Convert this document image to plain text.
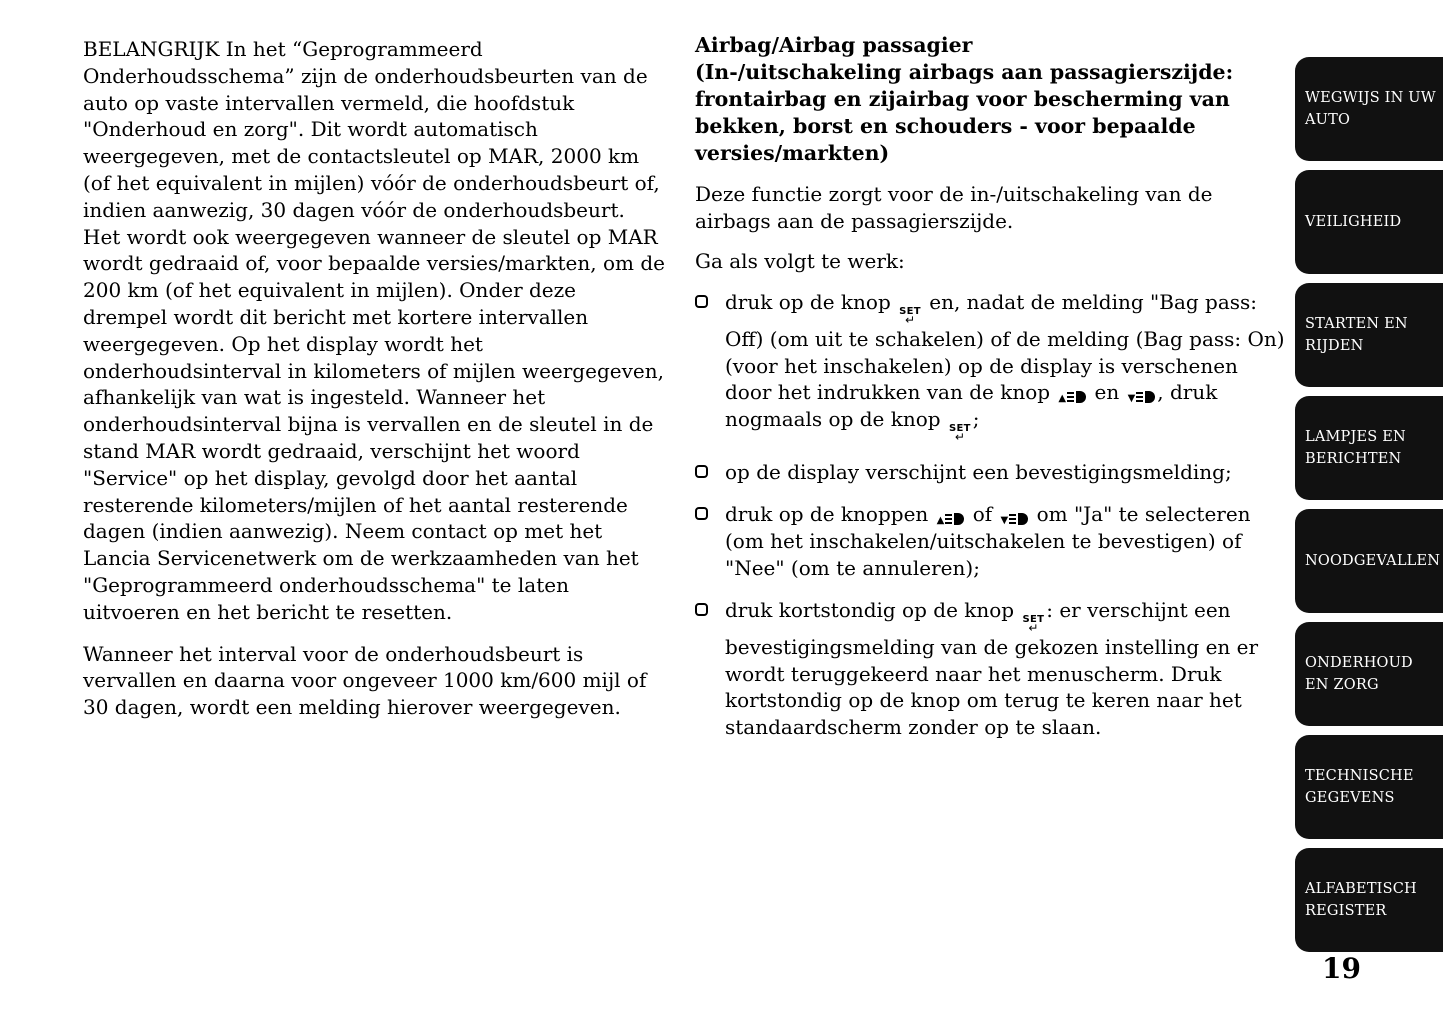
BELANGRIJK In het “Geprogrammeerd Onderhoudsschema” zijn de onderhoudsbeurten van de auto op vaste intervallen vermeld, die hoofdstuk "Onderhoud en zorg". Dit wordt automatisch weergegeven, met de contactsleutel op MAR, 2000 km (of het equivalent in mijlen) vóór de onderhoudsbeurt of, indien aanwezig, 30 dagen vóór de onderhoudsbeurt. Het wordt ook weergegeven wanneer de sleutel op MAR wordt gedraaid of, voor bepaalde versies/markten, om de 200 km (of het equivalent in mijlen). Onder deze drempel wordt dit bericht met kortere intervallen weergegeven. Op het display wordt het onderhoudsinterval in kilometers of mijlen weergegeven, afhankelijk van wat is ingesteld. Wanneer het onderhoudsinterval bijna is vervallen en de sleutel in de stand MAR wordt gedraaid, verschijnt het woord "Service" op het display, gevolgd door het aantal resterende kilometers/mijlen of het aantal resterende dagen (indien aanwezig). Neem contact op met het Lancia Servicenetwerk om de werkzaamheden van het "Geprogrammeerd onderhoudsschema" te laten uitvoeren en het bericht te resetten.

Wanneer het interval voor de onderhoudsbeurt is vervallen en daarna voor ongeveer 1000 km/600 mijl of 30 dagen, wordt een melding hierover weergegeven.

Airbag/Airbag passagier
(In-/uitschakeling airbags aan passagierszijde: frontairbag en zijairbag voor bescherming van bekken, borst en schouders - voor bepaalde versies/markten)

Deze functie zorgt voor de in-/uitschakeling van de airbags aan de passagierszijde.

Ga als volgt te werk:

druk op de knop SET
↵
en, nadat de melding "Bag pass: Off) (om uit te schakelen) of de melding (Bag pass: On) (voor het inschakelen) op de display is verschenen door het indrukken van de knop ▲ en ▼ , druk nogmaals op de knop SET
↵
;
op de display verschijnt een bevestigingsmelding;
druk op de knoppen ▲ of ▼ om "Ja" te selecteren (om het inschakelen/uitschakelen te bevestigen) of "Nee" (om te annuleren);
druk kortstondig op de knop SET
↵
: er verschijnt een bevestigingsmelding van de gekozen instelling en er wordt teruggekeerd naar het menuscherm. Druk kortstondig op de knop om terug te keren naar het standaardscherm zonder op te slaan.
WEGWIJS IN UW AUTO
VEILIGHEID
STARTEN EN RIJDEN
LAMPJES EN BERICHTEN
NOODGEVALLEN
ONDERHOUD EN ZORG
TECHNISCHE GEGEVENS
ALFABETISCH REGISTER
19
